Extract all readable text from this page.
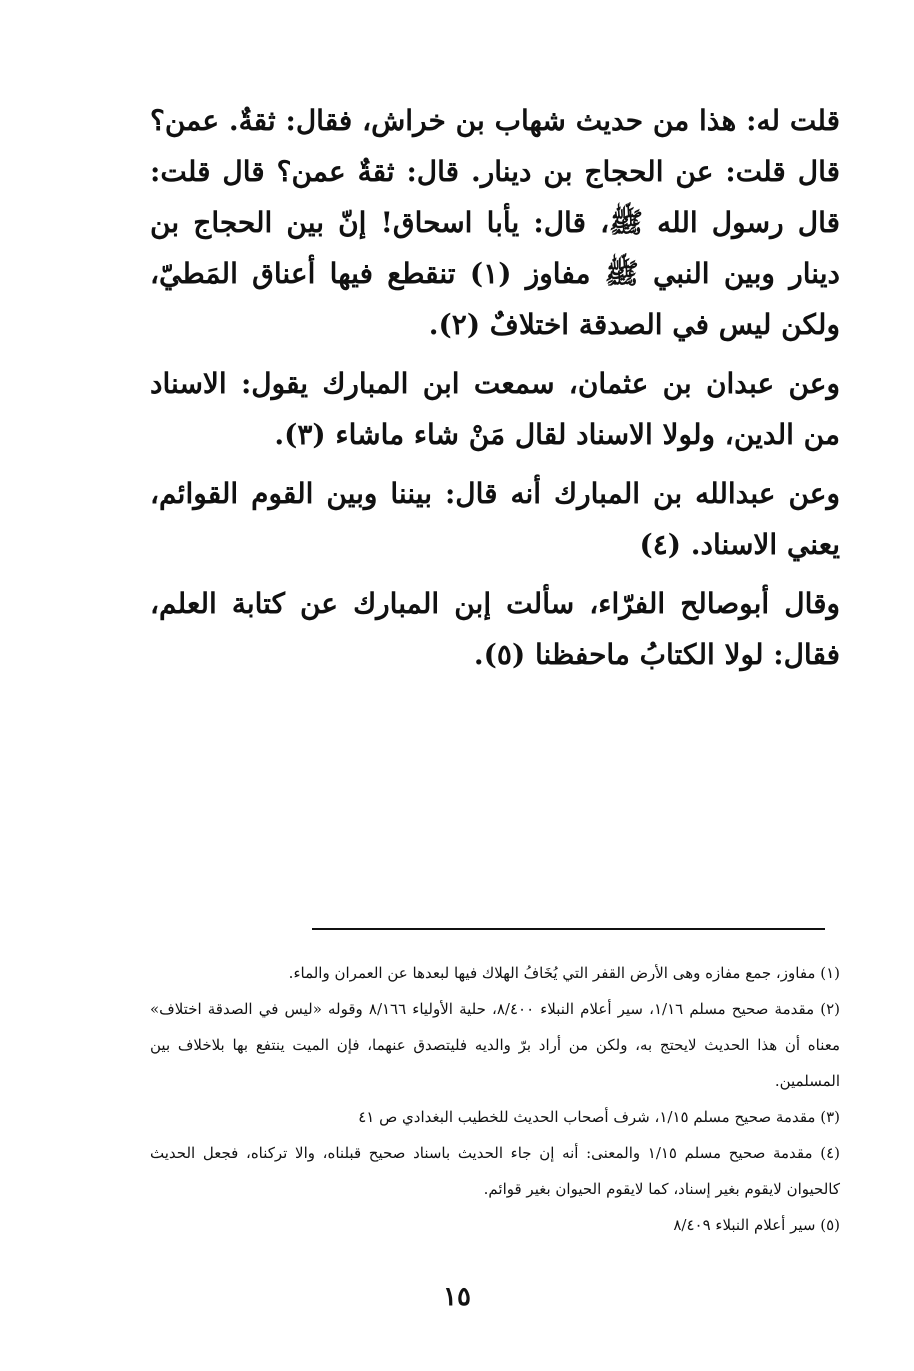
قلت له: هذا من حديث شهاب بن خراش، فقال: ثقةٌ. عمن؟ قال قلت: عن الحجاج بن دينار. قال: ثقةٌ عمن؟ قال قلت: قال رسول الله ﷺ، قال: يأبا اسحاق! إنّ بين الحجاج بن دينار وبين النبي ﷺ مفاوز (١) تنقطع فيها أعناق المَطيّ، ولكن ليس في الصدقة اختلافٌ (٢).

وعن عبدان بن عثمان، سمعت ابن المبارك يقول: الاسناد من الدين، ولولا الاسناد لقال مَنْ شاء ماشاء (٣).

وعن عبدالله بن المبارك أنه قال: بيننا وبين القوم القوائم، يعني الاسناد. (٤)

وقال أبوصالح الفرّاء، سألت إبن المبارك عن كتابة العلم، فقال: لولا الكتابُ ماحفظنا (٥).

(١) مفاوز، جمع مفازه وهى الأرض القفر التي يُخَافُ الهلاك فيها لبعدها عن العمران والماء.

(٢) مقدمة صحيح مسلم ١/١٦، سير أعلام النبلاء ٨/٤٠٠، حلية الأولياء ٨/١٦٦ وقوله «ليس في الصدقة اختلاف» معناه أن هذا الحديث لايحتج به، ولكن من أراد برّ والديه فليتصدق عنهما، فإن الميت ينتفع بها بلاخلاف بين المسلمين.

(٣) مقدمة صحيح مسلم ١/١٥، شرف أصحاب الحديث للخطيب البغدادي ص ٤١

(٤) مقدمة صحيح مسلم ١/١٥ والمعنى: أنه إن جاء الحديث باسناد صحيح قبلناه، والا تركناه، فجعل الحديث كالحيوان لايقوم بغير إسناد، كما لايقوم الحيوان بغير قوائم.

(٥) سير أعلام النبلاء ٨/٤٠٩

١٥
